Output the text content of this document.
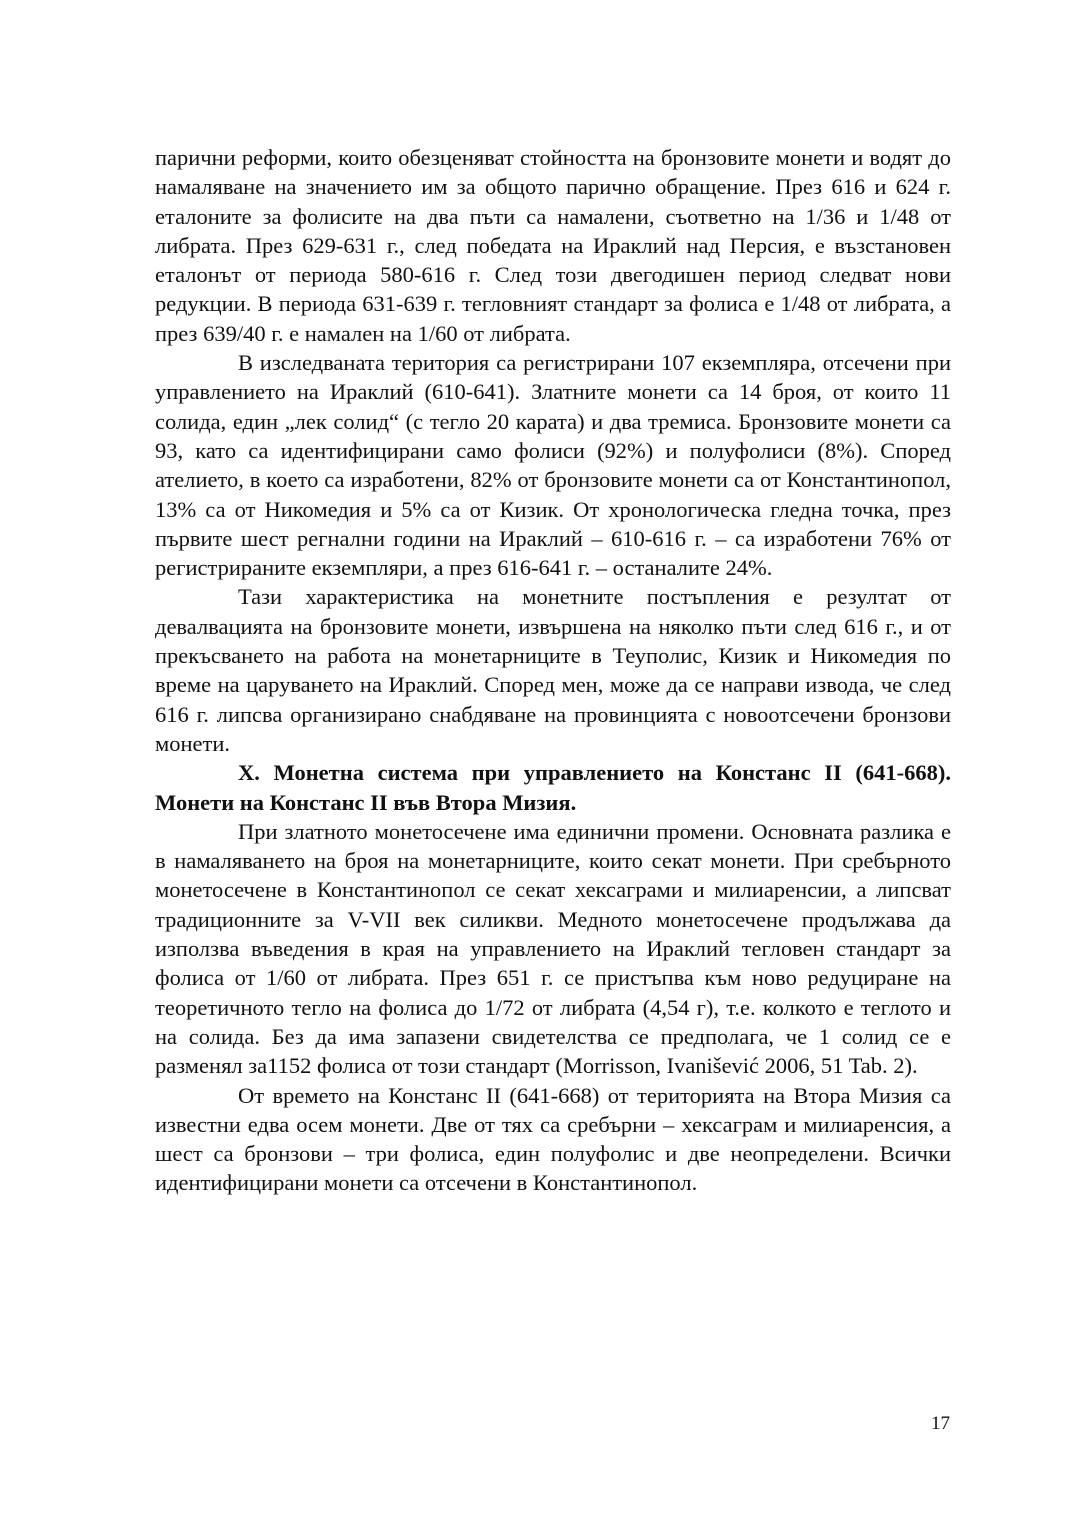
парични реформи, които обезценяват стойността на бронзовите монети и водят до намаляване на значението им за общото парично обращение. През 616 и 624 г. еталоните за фолисите на два пъти са намалени, съответно на 1/36 и 1/48 от либрата. През 629-631 г., след победата на Ираклий над Персия, е възстановен еталонът от периода 580-616 г. След този двегодишен период следват нови редукции. В периода 631-639 г. тегловният стандарт за фолиса е 1/48 от либрата, а през 639/40 г. е намален на 1/60 от либрата.

В изследваната територия са регистрирани 107 екземпляра, отсечени при управлението на Ираклий (610-641). Златните монети са 14 броя, от които 11 солида, един „лек солид“ (с тегло 20 карата) и два тремиса. Бронзовите монети са 93, като са идентифицирани само фолиси (92%) и полуфолиси (8%). Според ателието, в което са изработени, 82% от бронзовите монети са от Константинопол, 13% са от Никомедия и 5% са от Кизик. От хронологическа гледна точка, през първите шест регнални години на Ираклий – 610-616 г. – са изработени 76% от регистрираните екземпляри, а през 616-641 г. – останалите 24%.

Тази характеристика на монетните постъпления е резултат от девалвацията на бронзовите монети, извършена на няколко пъти след 616 г., и от прекъсването на работа на монетарниците в Теуполис, Кизик и Никомедия по време на царуването на Ираклий. Според мен, може да се направи извода, че след 616 г. липсва организирано снабдяване на провинцията с новоотсечени бронзови монети.

X. Монетна система при управлението на Констанс II (641-668). Монети на Констанс II във Втора Мизия.

При златното монетосечене има единични промени. Основната разлика е в намаляването на броя на монетарниците, които секат монети. При сребърното монетосечене в Константинопол се секат хексаграми и милиаренсии, а липсват традиционните за V-VII век силикви. Медното монетосечене продължава да използва въведения в края на управлението на Ираклий тегловен стандарт за фолиса от 1/60 от либрата. През 651 г. се пристъпва към ново редуциране на теоретичното тегло на фолиса до 1/72 от либрата (4,54 г), т.е. колкото е теглото и на солида. Без да има запазени свидетелства се предполага, че 1 солид се е разменял за1152 фолиса от този стандарт (Morrisson, Ivanišević 2006, 51 Tab. 2).

От времето на Констанс II (641-668) от територията на Втора Мизия са известни едва осем монети. Две от тях са сребърни – хексаграм и милиаренсия, а шест са бронзови – три фолиса, един полуфолис и две неопределени. Всички идентифицирани монети са отсечени в Константинопол.

17
